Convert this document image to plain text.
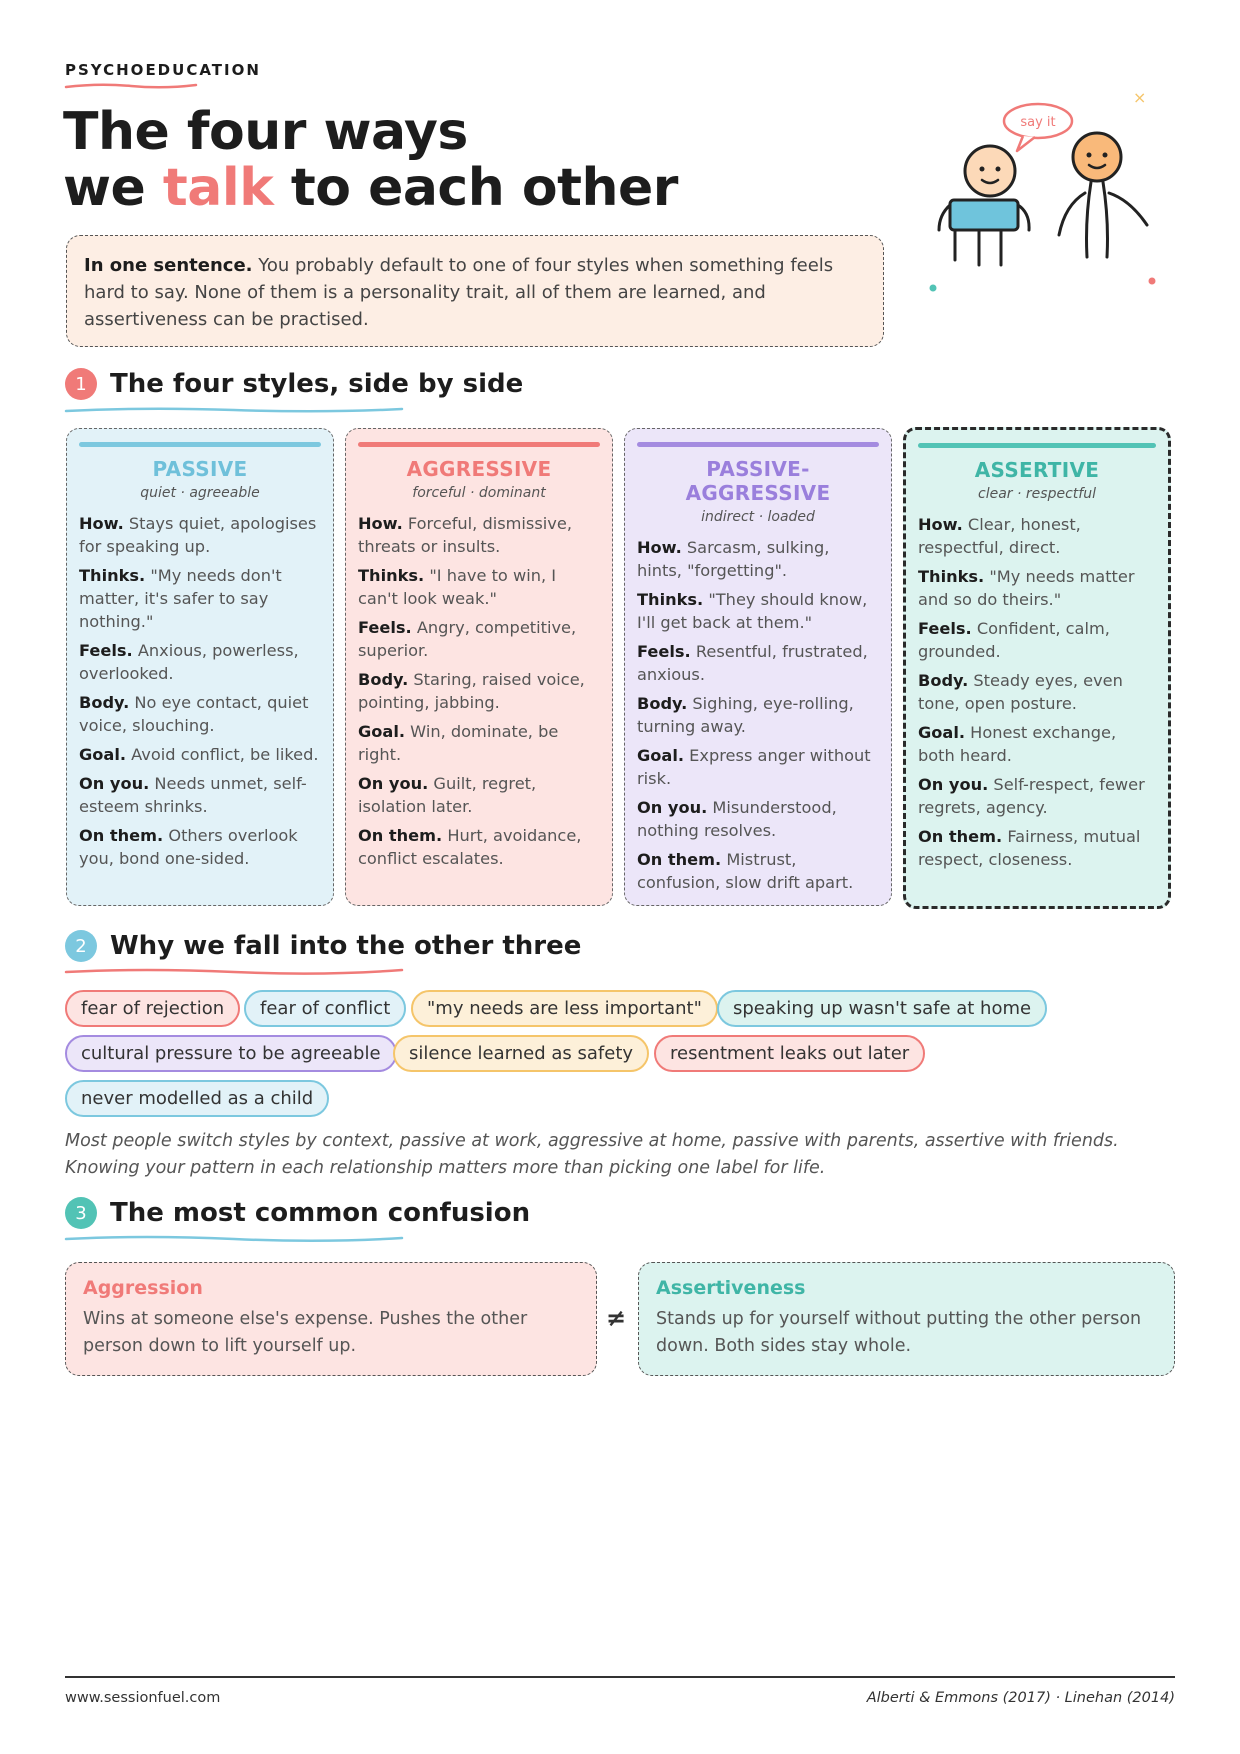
PSYCHOEDUCATION
The four ways
we talk to each other
In one sentence. You probably default to one of four styles when something feels hard to say. None of them is a personality trait, all of them are learned, and assertiveness can be practised.
say it
×
1 The four styles, side by side
PASSIVE
quiet · agreeable
How. Stays quiet, apologises for speaking up.
Thinks. "My needs don't matter, it's safer to say nothing."
Feels. Anxious, powerless, overlooked.
Body. No eye contact, quiet voice, slouching.
Goal. Avoid conflict, be liked.
On you. Needs unmet, self-esteem shrinks.
On them. Others overlook you, bond one-sided.
AGGRESSIVE
forceful · dominant
How. Forceful, dismissive, threats or insults.
Thinks. "I have to win, I can't look weak."
Feels. Angry, competitive, superior.
Body. Staring, raised voice, pointing, jabbing.
Goal. Win, dominate, be right.
On you. Guilt, regret, isolation later.
On them. Hurt, avoidance, conflict escalates.
PASSIVE-AGGRESSIVE
indirect · loaded
How. Sarcasm, sulking, hints, "forgetting".
Thinks. "They should know, I'll get back at them."
Feels. Resentful, frustrated, anxious.
Body. Sighing, eye-rolling, turning away.
Goal. Express anger without risk.
On you. Misunderstood, nothing resolves.
On them. Mistrust, confusion, slow drift apart.
ASSERTIVE
clear · respectful
How. Clear, honest, respectful, direct.
Thinks. "My needs matter and so do theirs."
Feels. Confident, calm, grounded.
Body. Steady eyes, even tone, open posture.
Goal. Honest exchange, both heard.
On you. Self-respect, fewer regrets, agency.
On them. Fairness, mutual respect, closeness.
2 Why we fall into the other three
fear of rejection	fear of conflict	"my needs are less important"	speaking up wasn't safe at home
cultural pressure to be agreeable	silence learned as safety	resentment leaks out later
never modelled as a child
Most people switch styles by context, passive at work, aggressive at home, passive with parents, assertive with friends. Knowing your pattern in each relationship matters more than picking one label for life.
3 The most common confusion
Aggression
Wins at someone else's expense. Pushes the other person down to lift yourself up.
≠
Assertiveness
Stands up for yourself without putting the other person down. Both sides stay whole.
www.sessionfuel.com	Alberti & Emmons (2017) · Linehan (2014)
